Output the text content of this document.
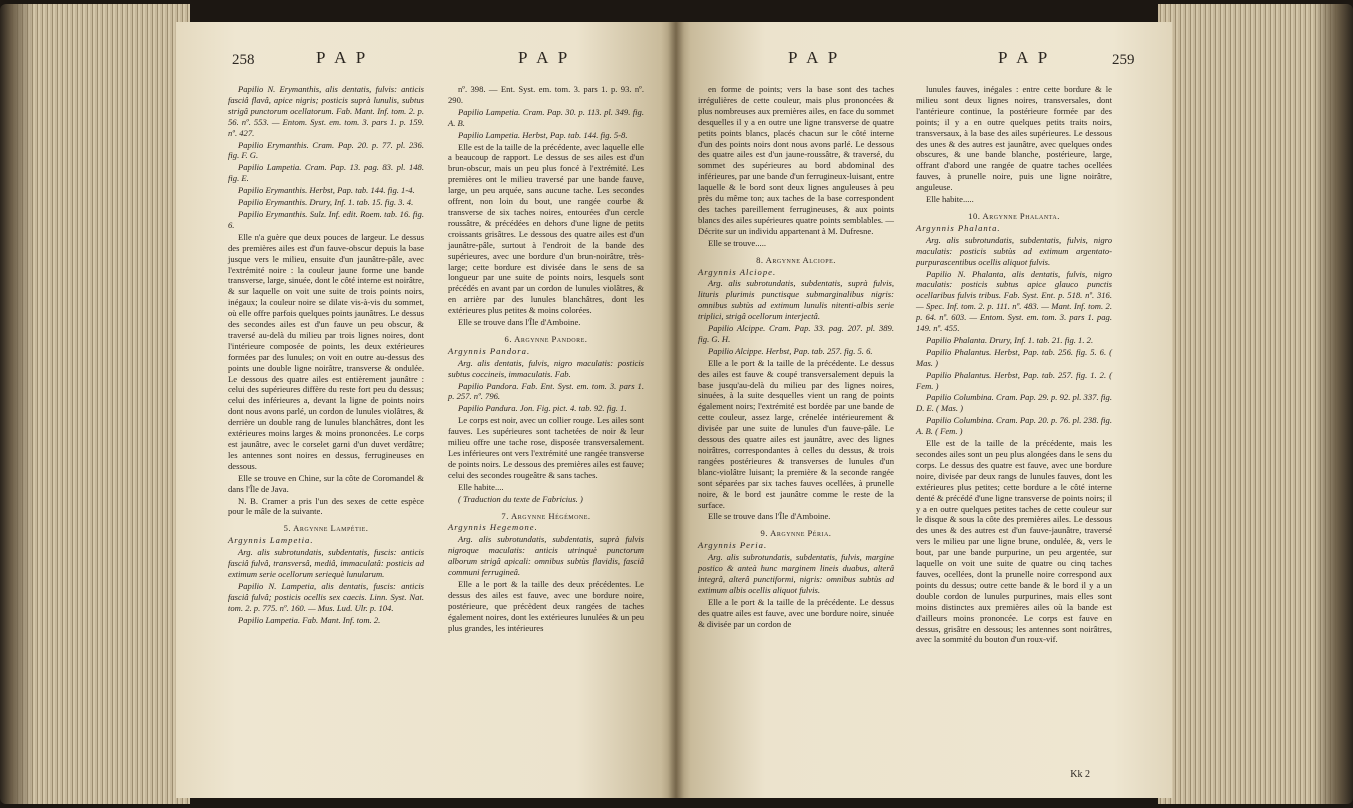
258	P A P	P A P

Papilio N. Erymanthis, alis dentatis, fulvis: anticis fasciâ flavâ, apice nigris; posticis suprà lunulis, subtus strigâ punctorum ocellatorum. Fab. Mant. Inf. tom. 2. p. 56. nº. 553. — Entom. Syst. em. tom. 3. pars 1. p. 159. nº. 427.

Papilio Erymanthis. Cram. Pap. 20. p. 77. pl. 236. fig. F. G.

Papilio Lampetia. Cram. Pap. 13. pag. 83. pl. 148. fig. E.

Papilio Erymanthis. Herbst, Pap. tab. 144. fig. 1-4.

Papilio Erymanthis. Drury, Inf. 1. tab. 15. fig. 3. 4.

Papilio Erymanthis. Sulz. Inf. edit. Roem. tab. 16. fig. 6.

Elle n'a guère que deux pouces de largeur. Le dessus des premières ailes est d'un fauve-obscur depuis la base jusque vers le milieu, ensuite d'un jaunâtre-pâle, avec l'extrémité noire : la couleur jaune forme une bande transverse, large, sinuée, dont le côté interne est noirâtre, & sur laquelle on voit une suite de trois points noirs, inégaux; la couleur noire se dilate vis-à-vis du sommet, où elle offre parfois quelques points jaunâtres. Le dessus des secondes ailes est d'un fauve un peu obscur, & traversé au-delà du milieu par trois lignes noires, dont l'intérieure composée de points, les deux extérieures formées par des lunules; on voit en outre au-dessus des points une double ligne noirâtre, transverse & ondulée. Le dessous des quatre ailes est entièrement jaunâtre : celui des supérieures diffère du reste fort peu du dessus; celui des inférieures a, devant la ligne de points noirs dont nous avons parlé, un cordon de lunules violâtres, & derrière un double rang de lunules blanchâtres, dont les extérieures moins larges & moins prononcées. Le corps est jaunâtre, avec le corselet garni d'un duvet verdâtre; les antennes sont noires en dessus, ferrugineuses en dessous.

Elle se trouve en Chine, sur la côte de Coromandel & dans l'Île de Java.

N. B. Cramer a pris l'un des sexes de cette espèce pour le mâle de la suivante.

5. Argynne Lampétie.

Argynnis Lampetia.

Arg. alis subrotundatis, subdentatis, fuscis: anticis fasciâ fulvâ, transversâ, mediâ, immaculatâ: posticis ad extimum serie ocellorum seriequè lunularum.

Papilio N. Lampetia, alis dentatis, fuscis: anticis fasciâ fulvâ; posticis ocellis sex caecis. Linn. Syst. Nat. tom. 2. p. 775. nº. 160. — Mus. Lud. Ulr. p. 104.

Papilio Lampetia. Fab. Mant. Inf. tom. 2.

nº. 398. — Ent. Syst. em. tom. 3. pars 1. p. 93. nº. 290.

Papilio Lampetia. Cram. Pap. 30. p. 113. pl. 349. fig. A. B.

Papilio Lampetia. Herbst, Pap. tab. 144. fig. 5-8.

Elle est de la taille de la précédente, avec laquelle elle a beaucoup de rapport. Le dessus de ses ailes est d'un brun-obscur, mais un peu plus foncé à l'extrémité. Les premières ont le milieu traversé par une bande fauve, large, un peu arquée, sans aucune tache. Les secondes offrent, non loin du bout, une rangée courbe & transverse de six taches noires, entourées d'un cercle roussâtre, & précédées en dehors d'une ligne de petits croissants grisâtres. Le dessous des quatre ailes est d'un jaunâtre-pâle, surtout à l'endroit de la bande des supérieures, avec une bordure d'un brun-noirâtre, très-large; cette bordure est divisée dans le sens de sa longueur par une suite de points noirs, lesquels sont précédés en avant par un cordon de lunules violâtres, & en arrière par des lunules blanchâtres, dont les extérieures plus petites & moins colorées.

Elle se trouve dans l'Île d'Amboine.

6. Argynne Pandore.

Argynnis Pandora.

Arg. alis dentatis, fulvis, nigro maculatis: posticis subtus coccineis, immaculatis. Fab.

Papilio Pandora. Fab. Ent. Syst. em. tom. 3. pars 1. p. 257. nº. 796.

Papilio Pandura. Jon. Fig. pict. 4. tab. 92. fig. 1.

Le corps est noir, avec un collier rouge. Les ailes sont fauves. Les supérieures sont tachetées de noir & leur milieu offre une tache rose, disposée transversalement. Les inférieures ont vers l'extrémité une rangée transverse de points noirs. Le dessous des premières ailes est fauve; celui des secondes rougeâtre & sans taches.

Elle habite....

( Traduction du texte de Fabricius. )

7. Argynne Hégémone.

Argynnis Hegemone.

Arg. alis subrotundatis, subdentatis, suprà fulvis nigroque maculatis: anticis utrinquè punctorum alborum strigâ apicali: omnibus subtùs flavidis, fasciâ communi ferrugineâ.

Elle a le port & la taille des deux précédentes. Le dessus des ailes est fauve, avec une bordure noire, postérieure, que précèdent deux rangées de taches également noires, dont les extérieures lunulées & un peu plus grandes, les intérieures

P A P	P A P	259

en forme de points; vers la base sont des taches irrégulières de cette couleur, mais plus prononcées & plus nombreuses aux premières ailes, en face du sommet desquelles il y a en outre une ligne transverse de quatre petits points blancs, placés chacun sur le côté interne d'un des points noirs dont nous avons parlé. Le dessous des quatre ailes est d'un jaune-roussâtre, & traversé, du sommet des supérieures au bord abdominal des inférieures, par une bande d'un ferrugineux-luisant, entre laquelle & le bord sont deux lignes anguleuses à peu près du même ton; aux taches de la base correspondent des taches pareillement ferrugineuses, & aux points blancs des ailes supérieures quatre points semblables. — Décrite sur un individu appartenant à M. Dufresne.

Elle se trouve.....

8. Argynne Alciope.

Argynnis Alciope.

Arg. alis subrotundatis, subdentatis, suprà fulvis, lituris plurimis punctisque submarginalibus nigris: omnibus subtùs ad extimum lunulis nitenti-albis serie triplici, strigâ ocellorum interjectâ.

Papilio Alcippe. Cram. Pap. 33. pag. 207. pl. 389. fig. G. H.

Papilio Alcippe. Herbst, Pap. tab. 257. fig. 5. 6.

Elle a le port & la taille de la précédente. Le dessus des ailes est fauve & coupé transversalement depuis la base jusqu'au-delà du milieu par des lignes noires, sinuées, à la suite desquelles vient un rang de points également noirs; l'extrémité est bordée par une bande de cette couleur, assez large, crénelée intérieurement & divisée par une suite de lunules d'un fauve-pâle. Le dessous des quatre ailes est jaunâtre, avec des lignes noirâtres, correspondantes à celles du dessus, & trois rangées postérieures & transverses de lunules d'un blanc-violâtre luisant; la première & la seconde rangée sont séparées par six taches fauves ocellées, à prunelle noire, & le bord est jaunâtre comme le reste de la surface.

Elle se trouve dans l'Île d'Amboine.

9. Argynne Péria.

Argynnis Peria.

Arg. alis subrotundatis, subdentatis, fulvis, margine postico & anteà hunc marginem lineis duabus, alterâ integrâ, alterâ punctiformi, nigris: omnibus subtùs ad extimum albis ocellis aliquot fulvis.

Elle a le port & la taille de la précédente. Le dessus des quatre ailes est fauve, avec une bordure noire, sinuée & divisée par un cordon de

lunules fauves, inégales : entre cette bordure & le milieu sont deux lignes noires, transversales, dont l'antérieure continue, la postérieure formée par des points; il y a en outre quelques petits traits noirs, transversaux, à la base des ailes supérieures. Le dessous des unes & des autres est jaunâtre, avec quelques ondes obscures, & une bande blanche, postérieure, large, offrant d'abord une rangée de quatre taches ocellées fauves, à prunelle noire, puis une ligne noirâtre, anguleuse.

Elle habite.....

10. Argynne Phalanta.

Argynnis Phalanta.

Arg. alis subrotundatis, subdentatis, fulvis, nigro maculatis: posticis subtùs ad extimum argentato-purpurascentibus ocellis aliquot fulvis.

Papilio N. Phalanta, alis dentatis, fulvis, nigro maculatis: posticis subtus apice glauco punctis ocellaribus fulvis tribus. Fab. Syst. Ent. p. 518. nº. 316. — Spec. Inf. tom. 2. p. 111. nº. 483. — Mant. Inf. tom. 2. p. 64. nº. 603. — Entom. Syst. em. tom. 3. pars 1. pag. 149. nº. 455.

Papilio Phalanta. Drury, Inf. 1. tab. 21. fig. 1. 2.

Papilio Phalantus. Herbst, Pap. tab. 256. fig. 5. 6. ( Mas. )

Papilio Phalantus. Herbst, Pap. tab. 257. fig. 1. 2. ( Fem. )

Papilio Columbina. Cram. Pap. 29. p. 92. pl. 337. fig. D. E. ( Mas. )

Papilio Columbina. Cram. Pap. 20. p. 76. pl. 238. fig. A. B. ( Fem. )

Elle est de la taille de la précédente, mais les secondes ailes sont un peu plus alongées dans le sens du corps. Le dessus des quatre est fauve, avec une bordure noire, divisée par deux rangs de lunules fauves, dont les extérieures plus petites; cette bordure a le côté interne denté & précédé d'une ligne transverse de points noirs; il y a en outre quelques petites taches de cette couleur sur le disque & sous la côte des premières ailes. Le dessous des unes & des autres est d'un fauve-jaunâtre, traversé vers le milieu par une ligne brune, ondulée, &, vers le bout, par une bande purpurine, un peu argentée, sur laquelle on voit une suite de quatre ou cinq taches fauves, ocellées, dont la prunelle noire correspond aux points du dessus; outre cette bande & le bord il y a un double cordon de lunules purpurines, mais elles sont moins distinctes aux premières ailes où la bande est d'ailleurs moins prononcée. Le corps est fauve en dessus, grisâtre en dessous; les antennes sont noirâtres, avec la sommité du bouton d'un roux-vif.

Kk 2
